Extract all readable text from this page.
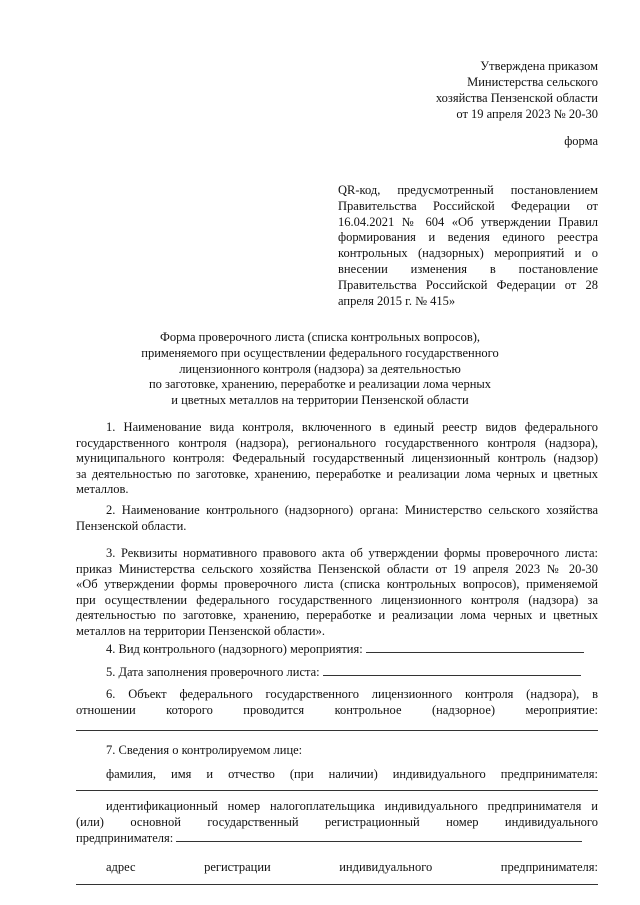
Утверждена приказом
Министерства сельского
хозяйства Пензенской области
от 19 апреля 2023 № 20-30
форма
QR-код, предусмотренный постановлением
Правительства Российской Федерации от
16.04.2021 № 604 «Об утверждении Правил
формирования и ведения единого реестра
контрольных (надзорных) мероприятий и о
внесении изменения в постановление
Правительства Российской Федерации от 28
апреля 2015 г. № 415»
Форма проверочного листа (списка контрольных вопросов),
применяемого при осуществлении федерального государственного
лицензионного контроля (надзора) за деятельностью
по заготовке, хранению, переработке и реализации лома черных
и цветных металлов на территории Пензенской области
1. Наименование вида контроля, включенного в единый реестр видов федерального
государственного контроля (надзора), регионального государственного контроля (надзора),
муниципального контроля: Федеральный государственный лицензионный контроль (надзор)
за деятельностью по заготовке, хранению, переработке и реализации лома черных и цветных
металлов.
2. Наименование контрольного (надзорного) органа: Министерство сельского хозяйства
Пензенской области.
3. Реквизиты нормативного правового акта об утверждении формы проверочного листа:
приказ Министерства сельского хозяйства Пензенской области от 19 апреля 2023 № 20-30
«Об утверждении формы проверочного листа (списка контрольных вопросов), применяемой
при осуществлении федерального государственного лицензионного контроля (надзора) за
деятельностью по заготовке, хранению, переработке и реализации лома черных и цветных
металлов на территории Пензенской области».
4. Вид контрольного (надзорного) мероприятия:
5. Дата заполнения проверочного листа:
6. Объект федерального государственного лицензионного контроля (надзора), в
отношении которого проводится контрольное (надзорное) мероприятие:
7. Сведения о контролируемом лице:
фамилия, имя и отчество (при наличии) индивидуального предпринимателя:
идентификационный номер налогоплательщика индивидуального предпринимателя и
(или) основной государственный регистрационный номер индивидуального
предпринимателя:
адрес регистрации индивидуального предпринимателя:
